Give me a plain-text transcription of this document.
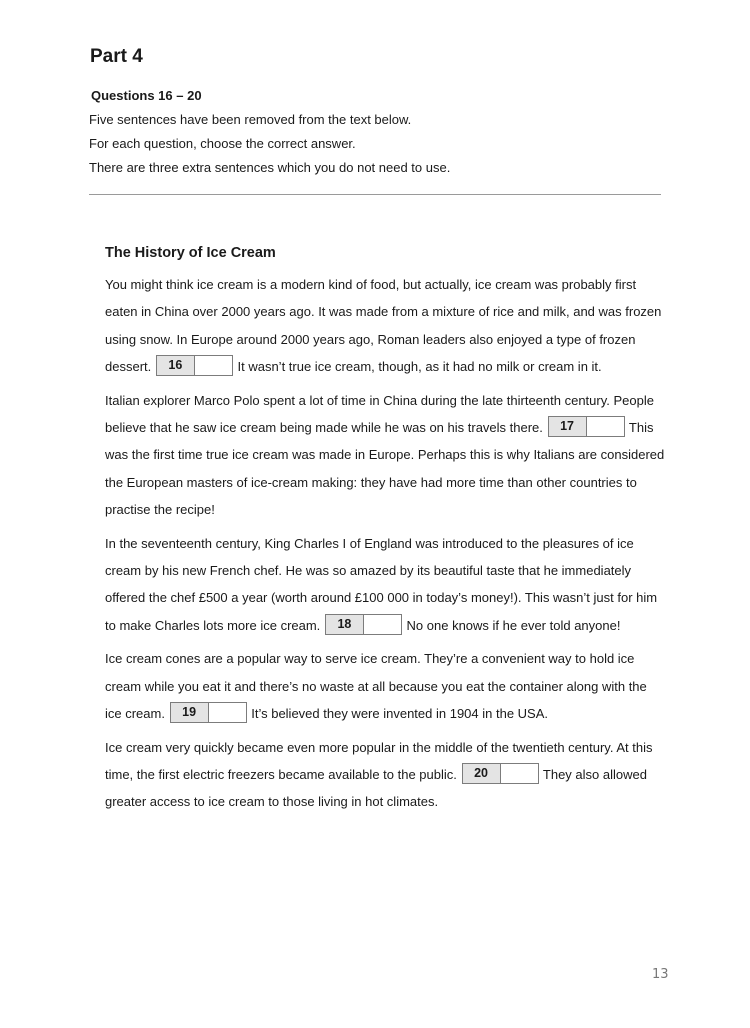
Part 4
Questions 16 – 20
Five sentences have been removed from the text below.
For each question, choose the correct answer.
There are three extra sentences which you do not need to use.
The History of Ice Cream

You might think ice cream is a modern kind of food, but actually, ice cream was probably first eaten in China over 2000 years ago. It was made from a mixture of rice and milk, and was frozen using snow. In Europe around 2000 years ago, Roman leaders also enjoyed a type of frozen dessert.	16	It wasn’t true ice cream, though, as it had no milk or cream in it.

Italian explorer Marco Polo spent a lot of time in China during the late thirteenth century. People believe that he saw ice cream being made while he was on his travels there.	17	This was the first time true ice cream was made in Europe. Perhaps this is why Italians are considered the European masters of ice-cream making: they have had more time than other countries to practise the recipe!

In the seventeenth century, King Charles I of England was introduced to the pleasures of ice cream by his new French chef. He was so amazed by its beautiful taste that he immediately offered the chef £500 a year (worth around £100 000 in today’s money!). This wasn’t just for him to make Charles lots more ice cream.	18	No one knows if he ever told anyone!

Ice cream cones are a popular way to serve ice cream. They’re a convenient way to hold ice cream while you eat it and there’s no waste at all because you eat the container along with the ice cream.	19	It’s believed they were invented in 1904 in the USA.

Ice cream very quickly became even more popular in the middle of the twentieth century. At this time, the first electric freezers became available to the public.	20	They also allowed greater access to ice cream to those living in hot climates.

13
